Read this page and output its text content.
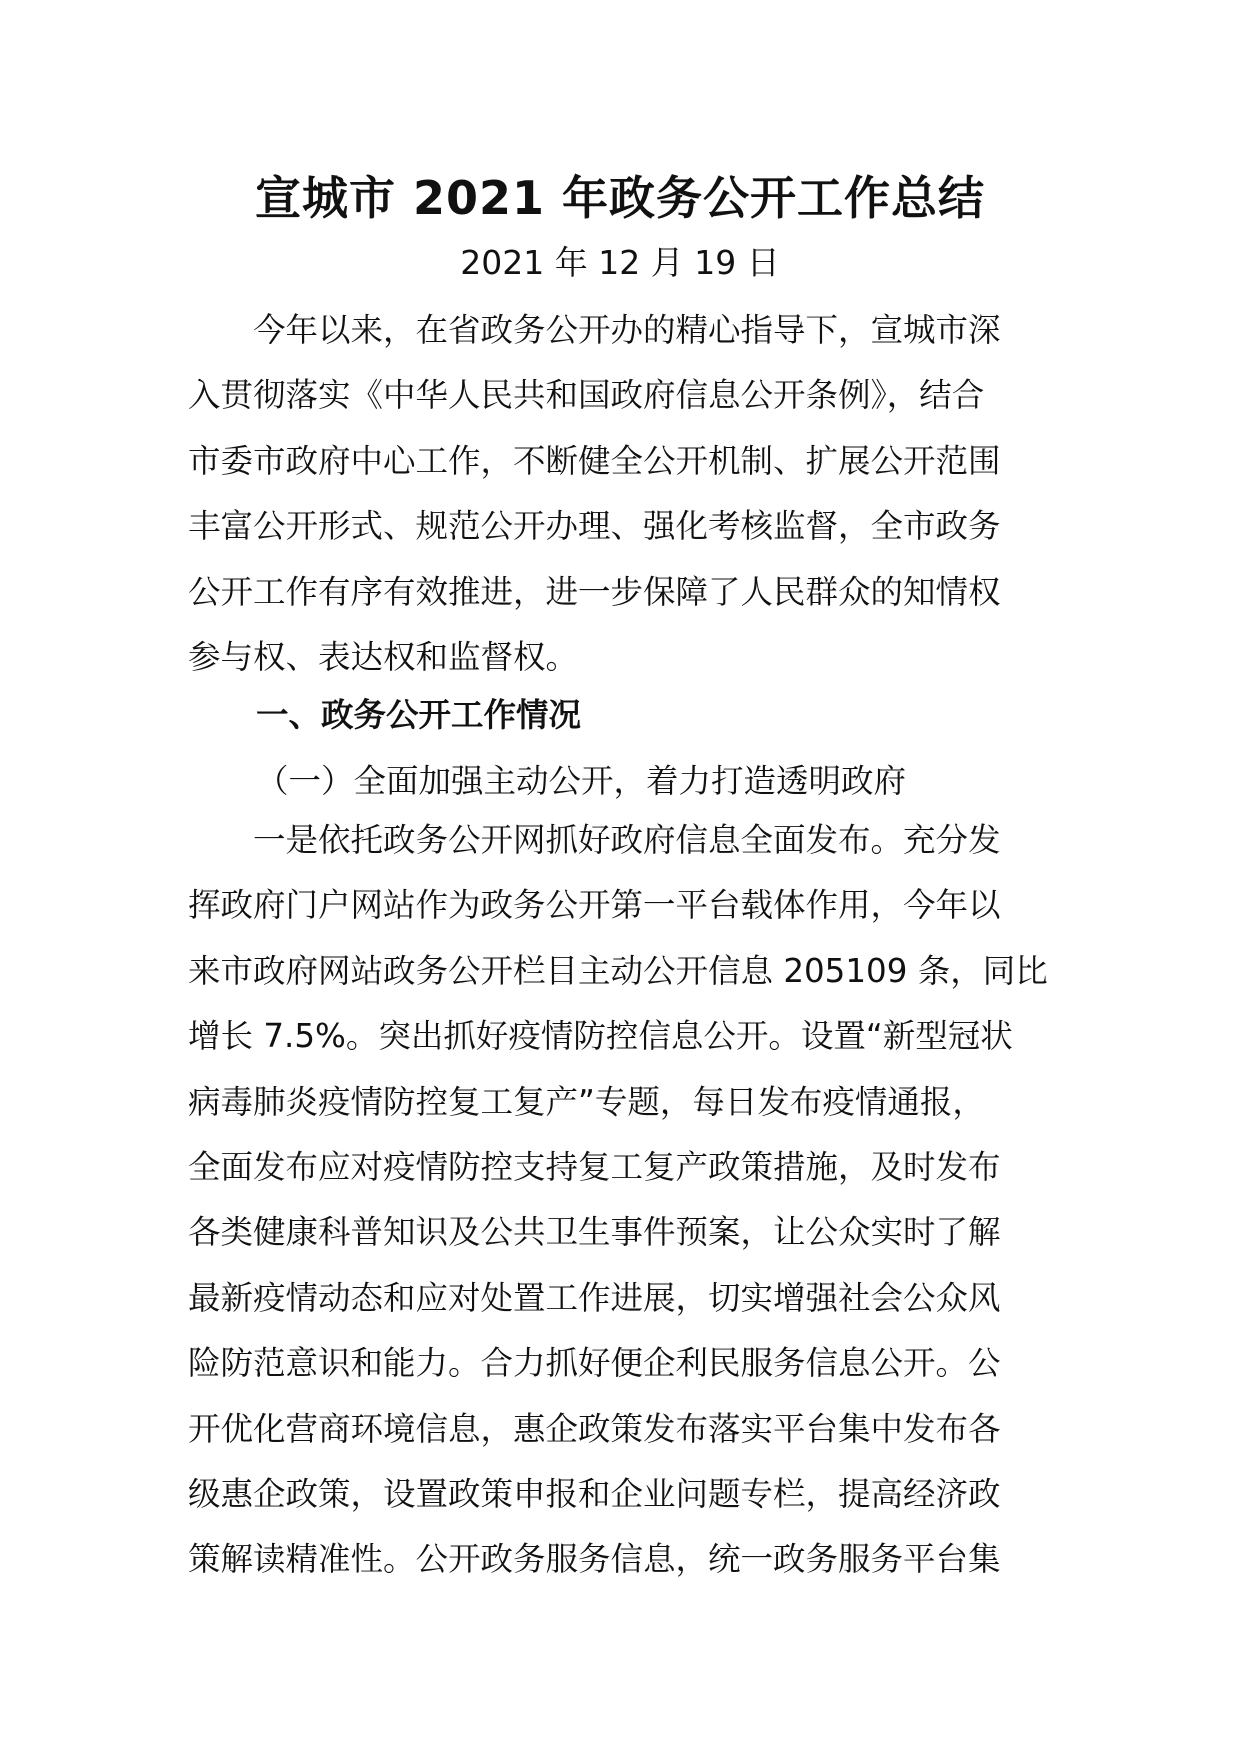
宣城市 2021 年政务公开工作总结
2021 年 12 月 19 日
　　今年以来，在省政务公开办的精心指导下，宣城市深
入贯彻落实《中华人民共和国政府信息公开条例》，结合
市委市政府中心工作，不断健全公开机制、扩展公开范围
丰富公开形式、规范公开办理、强化考核监督，全市政务
公开工作有序有效推进，进一步保障了人民群众的知情权
参与权、表达权和监督权。
一、政务公开工作情况
（一）全面加强主动公开，着力打造透明政府
　　一是依托政务公开网抓好政府信息全面发布。充分发
挥政府门户网站作为政务公开第一平台载体作用，今年以
来市政府网站政务公开栏目主动公开信息 205109 条，同比
增长 7.5%。突出抓好疫情防控信息公开。设置“新型冠状
病毒肺炎疫情防控复工复产”专题，每日发布疫情通报，
全面发布应对疫情防控支持复工复产政策措施，及时发布
各类健康科普知识及公共卫生事件预案，让公众实时了解
最新疫情动态和应对处置工作进展，切实增强社会公众风
险防范意识和能力。合力抓好便企利民服务信息公开。公
开优化营商环境信息，惠企政策发布落实平台集中发布各
级惠企政策，设置政策申报和企业问题专栏，提高经济政
策解读精准性。公开政务服务信息，统一政务服务平台集
